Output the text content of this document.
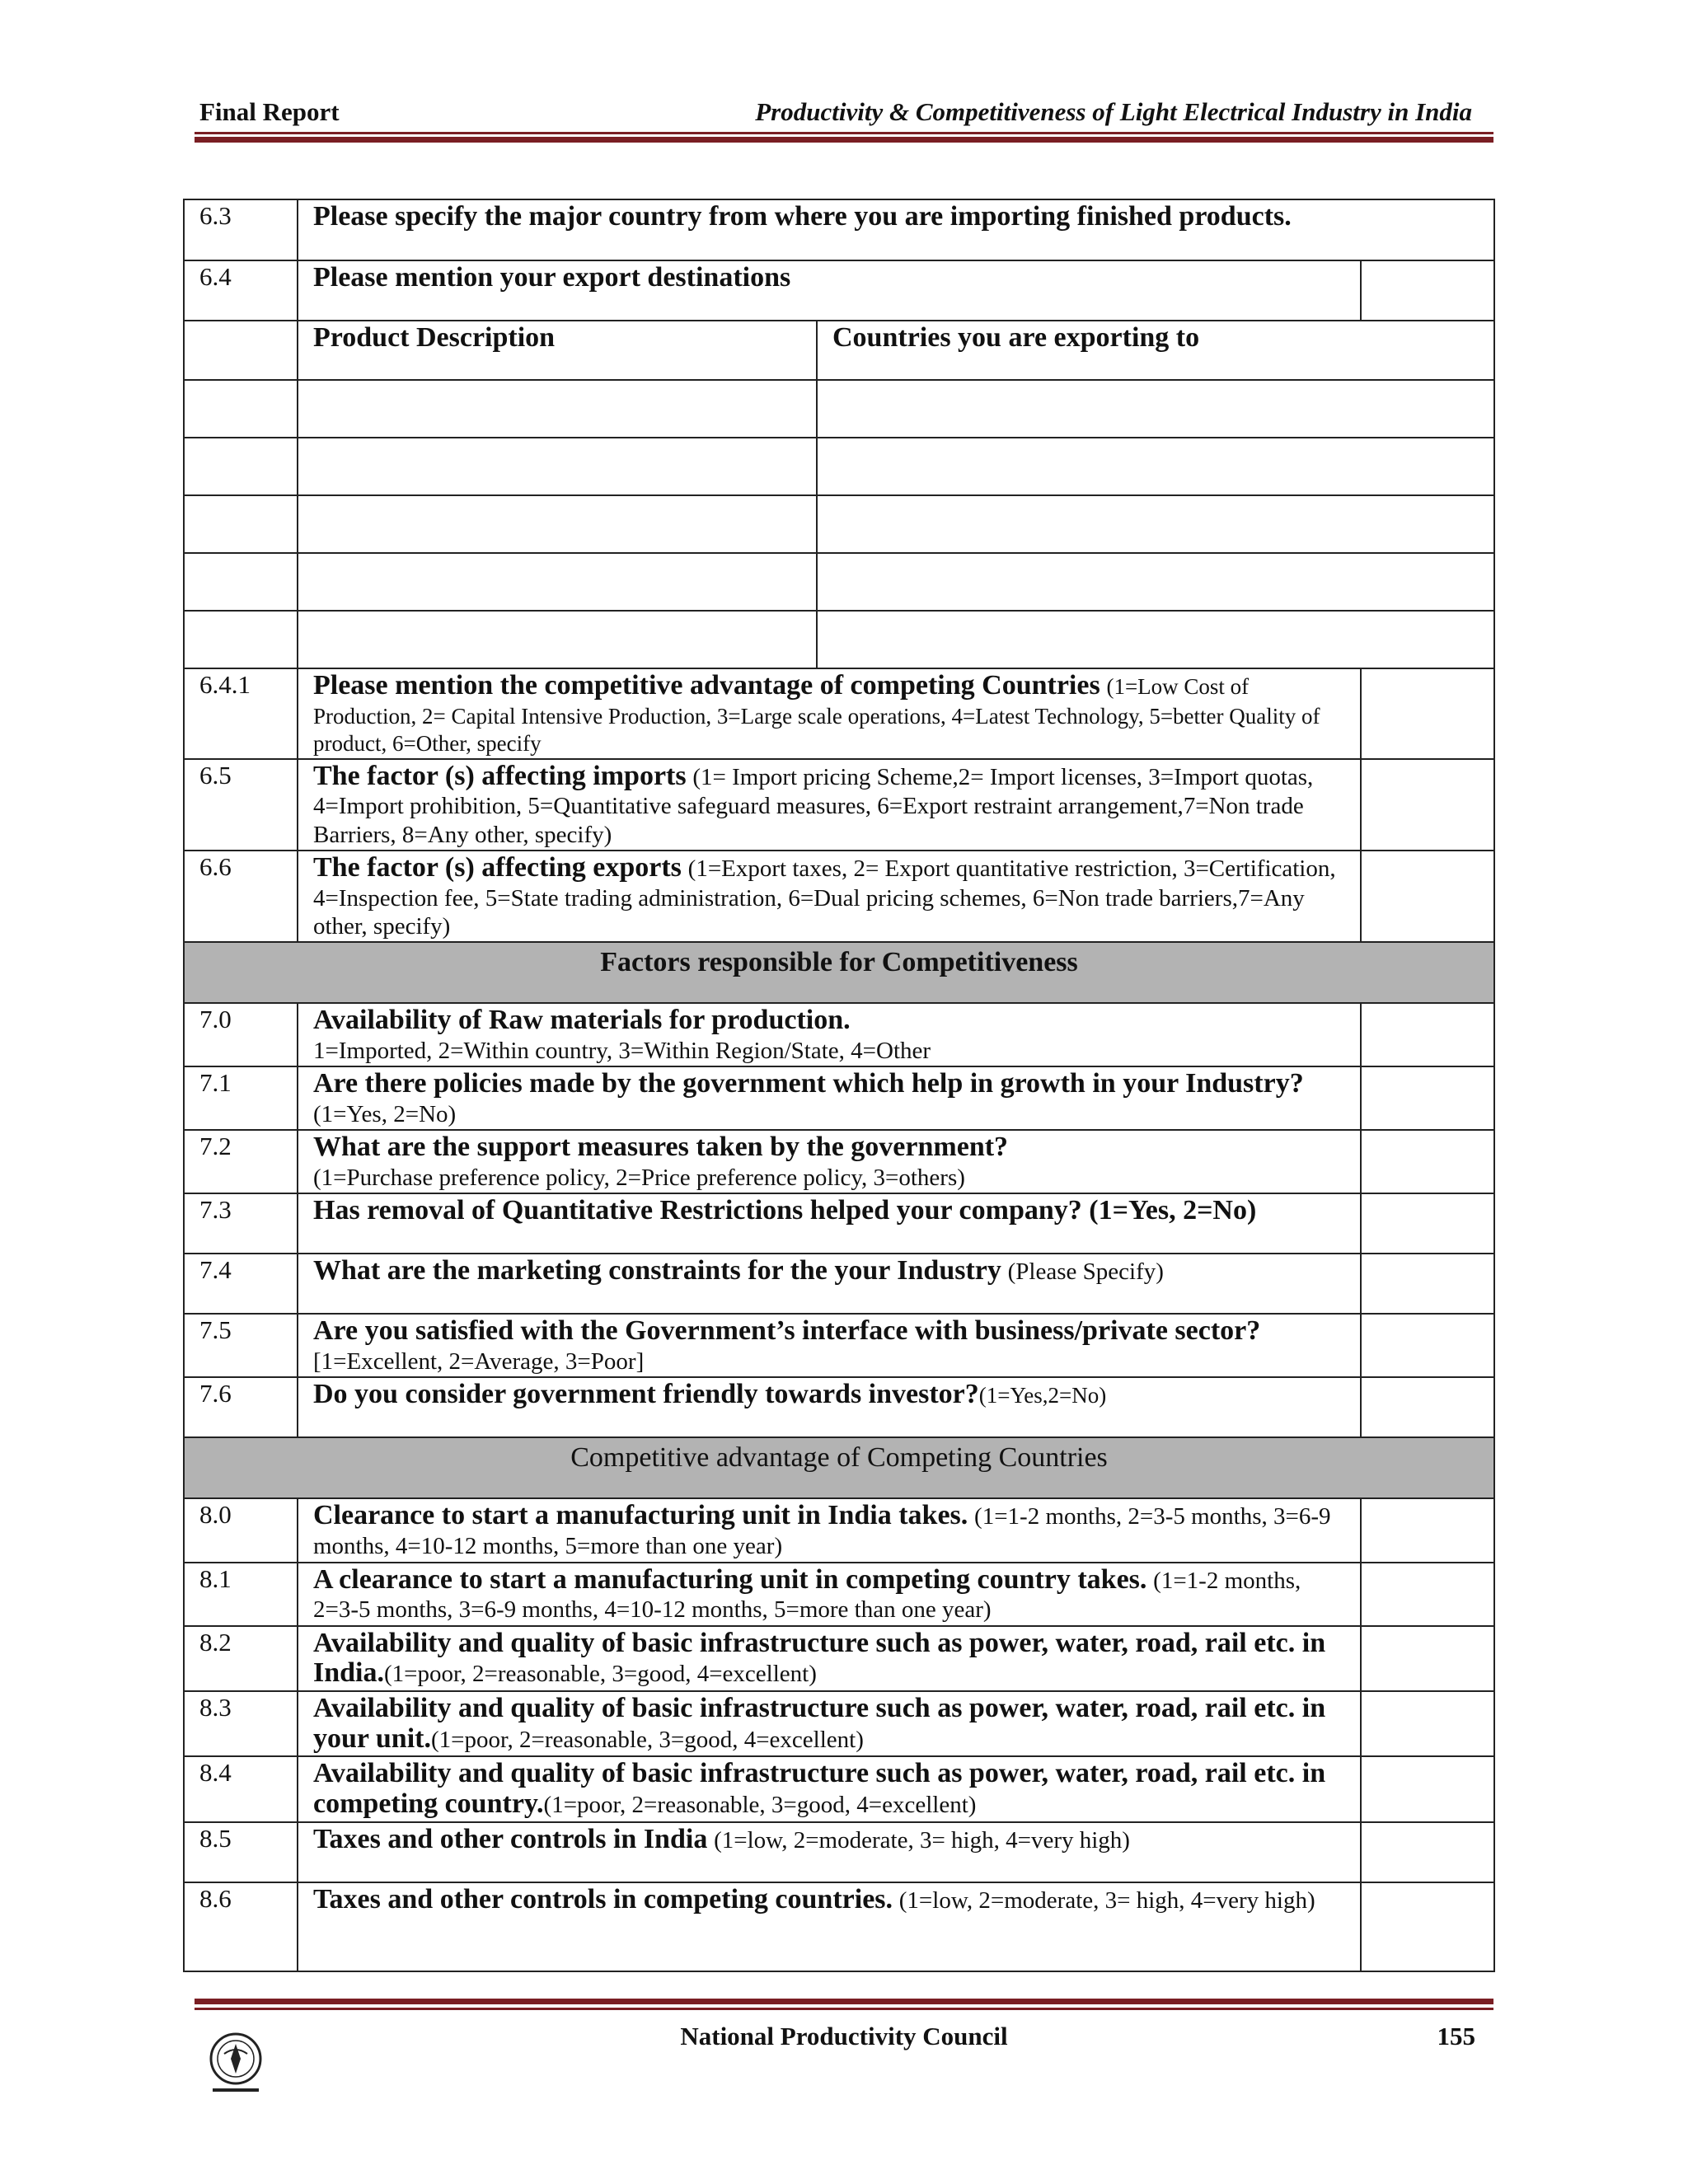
Final Report	Productivity & Competitiveness of Light Electrical Industry in India
6.3	Please specify the major country from where you are importing finished products.		
6.4	Please mention your export destinations		
	Product Description	Countries you are exporting to	

6.4.1	Please mention the competitive advantage of competing Countries (1=Low Cost of Production, 2= Capital Intensive Production, 3=Large scale operations, 4=Latest Technology, 5=better Quality of product, 6=Other, specify		
6.5	The factor (s) affecting imports (1= Import pricing Scheme,2= Import licenses, 3=Import quotas, 4=Import prohibition, 5=Quantitative safeguard measures, 6=Export restraint arrangement,7=Non trade Barriers, 8=Any other, specify)		
6.6	The factor (s) affecting exports (1=Export taxes, 2= Export quantitative restriction, 3=Certification, 4=Inspection fee, 5=State trading administration, 6=Dual pricing schemes, 6=Non trade barriers,7=Any other, specify)		
Factors responsible for Competitiveness			
7.0	Availability of Raw materials for production.
1=Imported, 2=Within country, 3=Within Region/State, 4=Other		
7.1	Are there policies made by the government which help in growth in your Industry? (1=Yes, 2=No)		
7.2	What are the support measures taken by the government?
(1=Purchase preference policy, 2=Price preference policy, 3=others)		
7.3	Has removal of Quantitative Restrictions helped your company? (1=Yes, 2=No)		
7.4	What are the marketing constraints for the your Industry (Please Specify)		
7.5	Are you satisfied with the Government’s interface with business/private sector?
[1=Excellent, 2=Average, 3=Poor]		
7.6	Do you consider government friendly towards investor?(1=Yes,2=No)		
Competitive advantage of Competing Countries			
8.0	Clearance to start a manufacturing unit in India takes. (1=1-2 months, 2=3-5 months, 3=6-9 months, 4=10-12 months, 5=more than one year)		
8.1	A clearance to start a manufacturing unit in competing country takes. (1=1-2 months, 2=3-5 months, 3=6-9 months, 4=10-12 months, 5=more than one year)		
8.2	Availability and quality of basic infrastructure such as power, water, road, rail etc. in India.(1=poor, 2=reasonable, 3=good, 4=excellent)		
8.3	Availability and quality of basic infrastructure such as power, water, road, rail etc. in your unit.(1=poor, 2=reasonable, 3=good, 4=excellent)		
8.4	Availability and quality of basic infrastructure such as power, water, road, rail etc. in competing country.(1=poor, 2=reasonable, 3=good, 4=excellent)		
8.5	Taxes and other controls in India (1=low, 2=moderate, 3= high, 4=very high)		
8.6	Taxes and other controls in competing countries. (1=low, 2=moderate, 3= high, 4=very high)		
National Productivity Council	155
